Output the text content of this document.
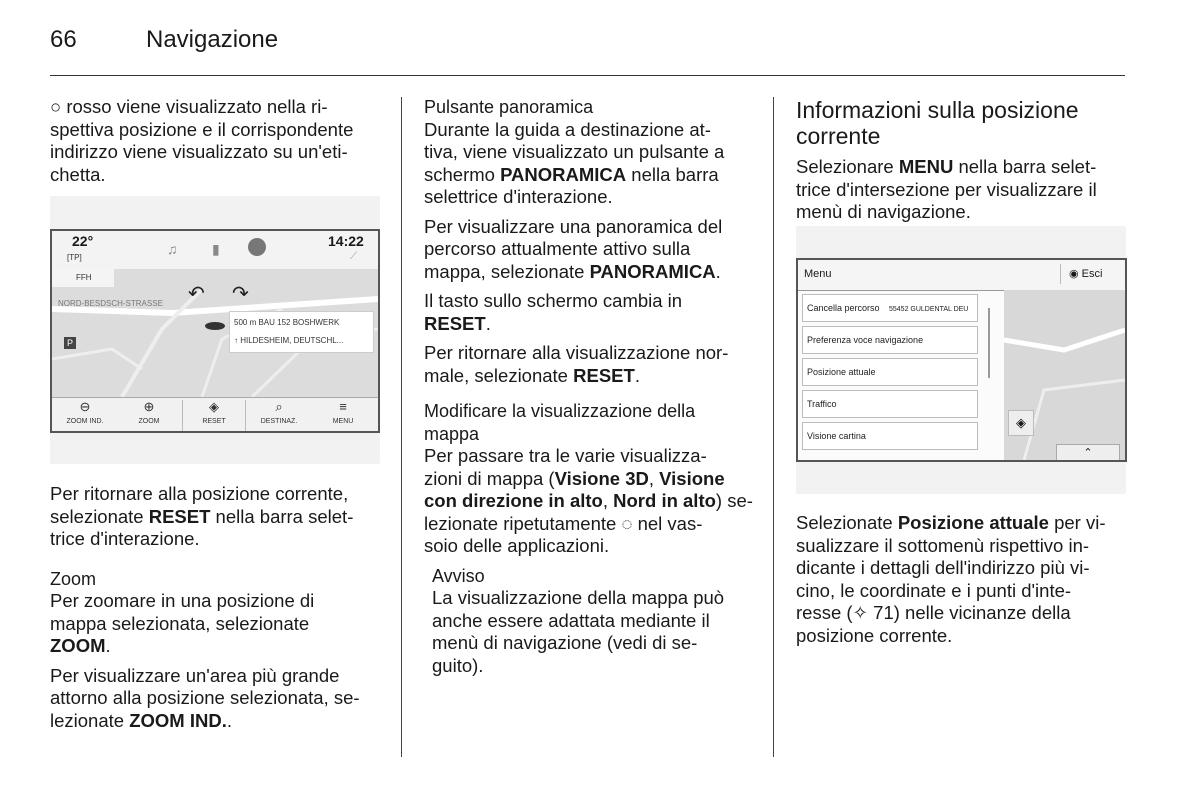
66	Navigazione

○ rosso viene visualizzato nella ri-
spettiva posizione e il corrispondente
indirizzo viene visualizzato su un'eti-
chetta.

22°
[TP]
♫ ▮	14:22
⟋
FFH
NORD-BESDSCH-STRASSE ↶ ↷
500 m BAU 152 BOSHWERK
↑ HILDESHEIM, DEUTSCHL...
P
⊖
ZOOM IND.
⊕
ZOOM
◈
RESET
⌕
DESTINAZ.
≡
MENU

Per ritornare alla posizione corrente,
selezionate RESET nella barra selet-
trice d'interazione.

Zoom

Per zoomare in una posizione di
mappa selezionata, selezionate
ZOOM.

Per visualizzare un'area più grande
attorno alla posizione selezionata, se-
lezionate ZOOM IND..

Pulsante panoramica

Durante la guida a destinazione at-
tiva, viene visualizzato un pulsante a
schermo PANORAMICA nella barra
selettrice d'interazione.

Per visualizzare una panoramica del
percorso attualmente attivo sulla
mappa, selezionate PANORAMICA.

Il tasto sullo schermo cambia in
RESET.

Per ritornare alla visualizzazione nor-
male, selezionate RESET.

Modificare la visualizzazione della
mappa

Per passare tra le varie visualizza-
zioni di mappa (Visione 3D, Visione
con direzione in alto, Nord in alto) se-
lezionate ripetutamente ◌ nel vas-
soio delle applicazioni.

Avviso

La visualizzazione della mappa può
anche essere adattata mediante il
menù di navigazione (vedi di se-
guito).

Informazioni sulla posizione
corrente

Selezionare MENU nella barra selet-
trice d'intersezione per visualizzare il
menù di navigazione.

Menu	◉ Esci
Cancella percorso 55452 GULDENTAL DEU
Preferenza voce navigazione
Posizione attuale
Traffico
Visione cartina
◈
⌃

Selezionate Posizione attuale per vi-
sualizzare il sottomenù rispettivo in-
dicante i dettagli dell'indirizzo più vi-
cino, le coordinate e i punti d'inte-
resse (✧ 71) nelle vicinanze della
posizione corrente.
